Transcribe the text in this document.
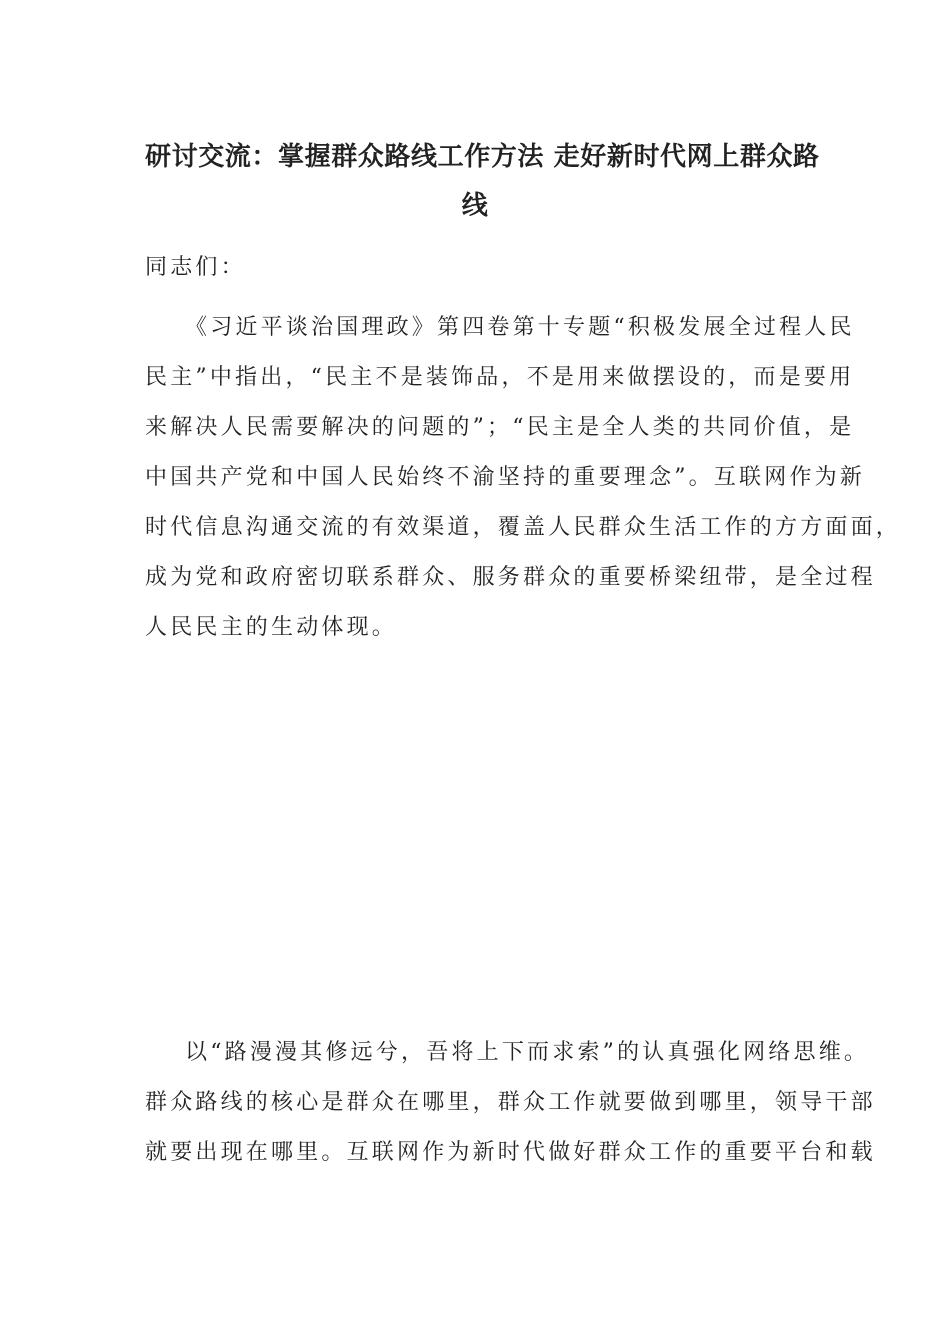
研讨交流：掌握群众路线工作方法 走好新时代网上群众路
线
同志们：
《习近平谈治国理政》第四卷第十专题“积极发展全过程人民
民主”中指出，“民主不是装饰品，不是用来做摆设的，而是要用
来解决人民需要解决的问题的”；“民主是全人类的共同价值，是
中国共产党和中国人民始终不渝坚持的重要理念”。互联网作为新
时代信息沟通交流的有效渠道，覆盖人民群众生活工作的方方面面，
成为党和政府密切联系群众、服务群众的重要桥梁纽带，是全过程
人民民主的生动体现。
以“路漫漫其修远兮，吾将上下而求索”的认真强化网络思维。
群众路线的核心是群众在哪里，群众工作就要做到哪里，领导干部
就要出现在哪里。互联网作为新时代做好群众工作的重要平台和载
